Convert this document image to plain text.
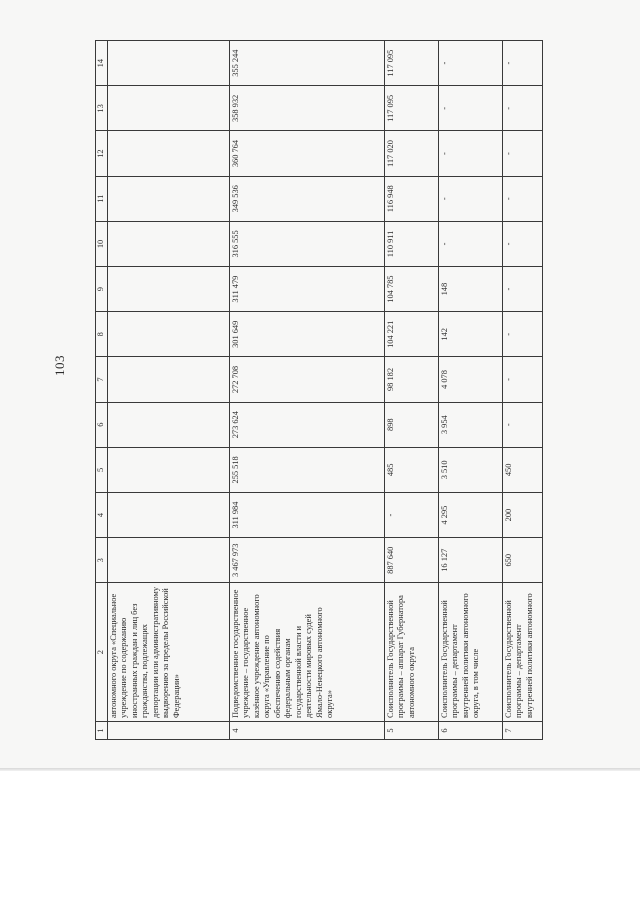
103
1	2	3	4	5	6	7	8	9	10	11	12	13	14
	автономного округа «Специальное учреждение по содержанию иностранных граждан и лиц без гражданства, подлежащих депортации или административному выдворению за пределы Российской Федерации»												
4	Подведомственное государственное учреждение – государственное казённое учреждение автономного округа «Управление по обеспечению содействия федеральным органам государственной власти и деятельности мировых судей Ямало-Ненецкого автономного округа»	3 467 973	311 984	255 518	273 624	272 708	301 649	311 479	316 555	349 536	360 764	358 932	355 244
5	Соисполнитель Государственной программы – аппарат Губернатора автономного округа	887 640	-	485	898	98 182	104 221	104 785	110 911	116 948	117 020	117 095	117 095
6	Соисполнитель Государственной программы – департамент внутренней политики автономного округа, в том числе	16 127	4 295	3 510	3 954	4 078	142	148	-	-	-	-	-
7	Соисполнитель Государственной программы – департамент внутренней политики автономного	650	200	450	-	-	-	-	-	-	-	-	-
